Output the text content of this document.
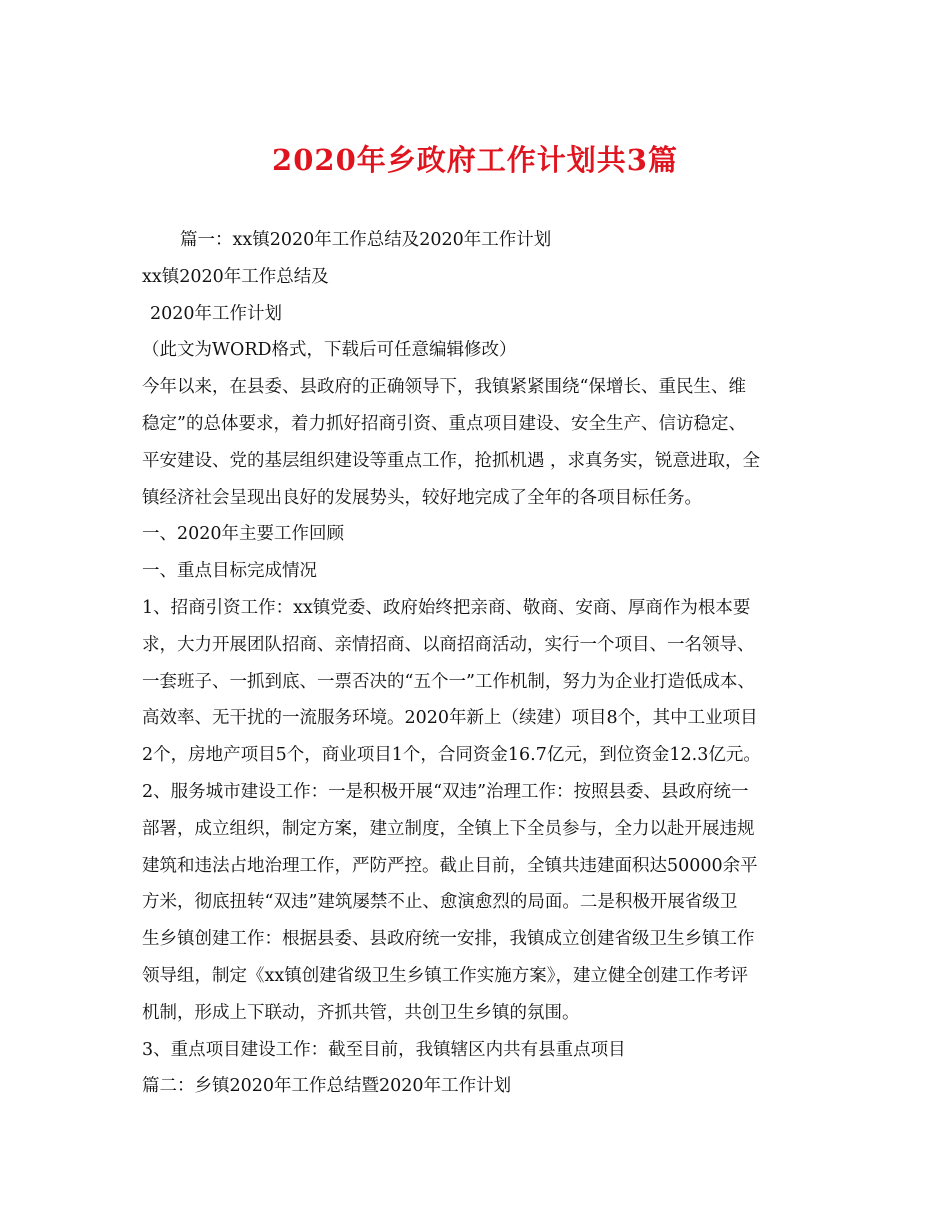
2020年乡政府工作计划共3篇
篇一：xx镇2020年工作总结及2020年工作计划
xx镇2020年工作总结及
2020年工作计划
（此文为WORD格式，下载后可任意编辑修改）
今年以来，在县委、县政府的正确领导下，我镇紧紧围绕“保增长、重民生、维
稳定”的总体要求，着力抓好招商引资、重点项目建设、安全生产、信访稳定、
平安建设、党的基层组织建设等重点工作，抢抓机遇 ，求真务实，锐意进取，全
镇经济社会呈现出良好的发展势头，较好地完成了全年的各项目标任务。
一、2020年主要工作回顾
一、重点目标完成情况
1、招商引资工作：xx镇党委、政府始终把亲商、敬商、安商、厚商作为根本要
求，大力开展团队招商、亲情招商、以商招商活动，实行一个项目、一名领导、
一套班子、一抓到底、一票否决的“五个一”工作机制，努力为企业打造低成本、
高效率、无干扰的一流服务环境。2020年新上（续建）项目8个，其中工业项目
2个，房地产项目5个，商业项目1个，合同资金16.7亿元，到位资金12.3亿元。
2、服务城市建设工作：一是积极开展“双违”治理工作：按照县委、县政府统一
部署，成立组织，制定方案，建立制度，全镇上下全员参与，全力以赴开展违规
建筑和违法占地治理工作，严防严控。截止目前，全镇共违建面积达50000余平
方米，彻底扭转“双违”建筑屡禁不止、愈演愈烈的局面。二是积极开展省级卫
生乡镇创建工作：根据县委、县政府统一安排，我镇成立创建省级卫生乡镇工作
领导组，制定《xx镇创建省级卫生乡镇工作实施方案》，建立健全创建工作考评
机制，形成上下联动，齐抓共管，共创卫生乡镇的氛围。
3、重点项目建设工作：截至目前，我镇辖区内共有县重点项目
篇二：乡镇2020年工作总结暨2020年工作计划
